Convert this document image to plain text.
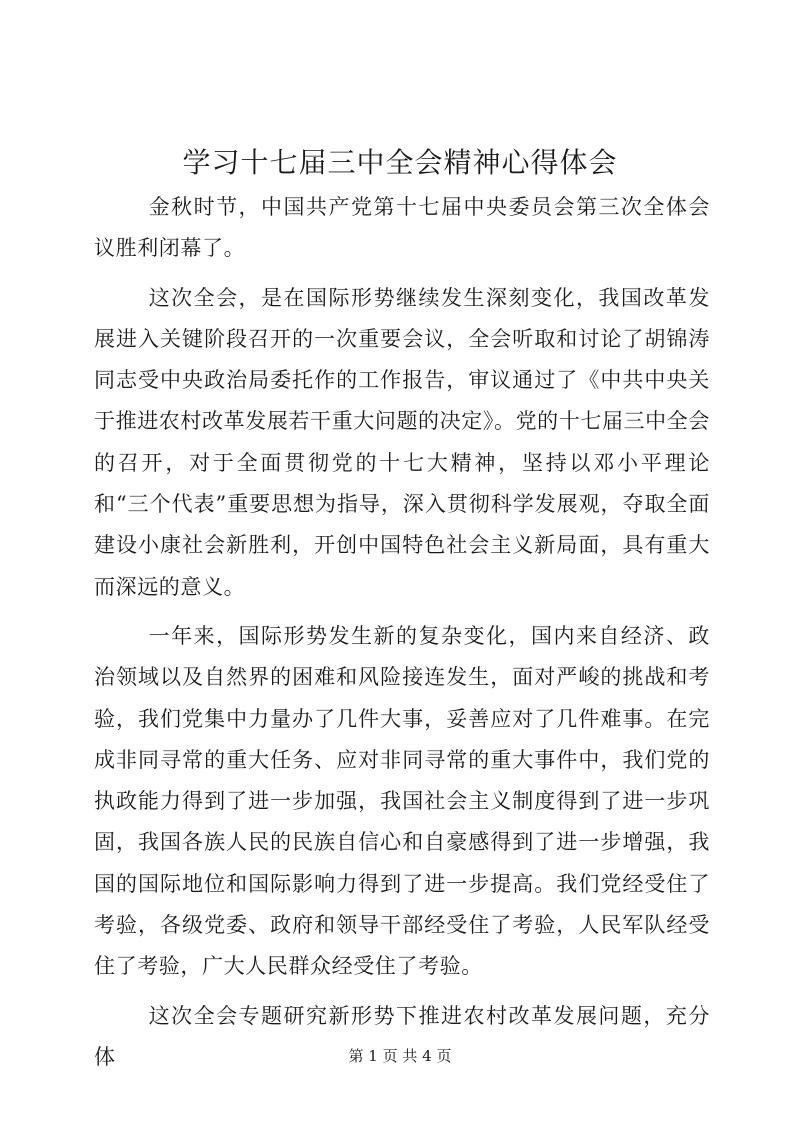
学习十七届三中全会精神心得体会

金秋时节，中国共产党第十七届中央委员会第三次全体会议胜利闭幕了。

这次全会，是在国际形势继续发生深刻变化，我国改革发展进入关键阶段召开的一次重要会议，全会听取和讨论了胡锦涛同志受中央政治局委托作的工作报告，审议通过了《中共中央关于推进农村改革发展若干重大问题的决定》。党的十七届三中全会的召开，对于全面贯彻党的十七大精神，坚持以邓小平理论和“三个代表”重要思想为指导，深入贯彻科学发展观，夺取全面建设小康社会新胜利，开创中国特色社会主义新局面，具有重大而深远的意义。

一年来，国际形势发生新的复杂变化，国内来自经济、政治领域以及自然界的困难和风险接连发生，面对严峻的挑战和考验，我们党集中力量办了几件大事，妥善应对了几件难事。在完成非同寻常的重大任务、应对非同寻常的重大事件中，我们党的执政能力得到了进一步加强，我国社会主义制度得到了进一步巩固，我国各族人民的民族自信心和自豪感得到了进一步增强，我国的国际地位和国际影响力得到了进一步提高。我们党经受住了考验，各级党委、政府和领导干部经受住了考验，人民军队经受住了考验，广大人民群众经受住了考验。

这次全会专题研究新形势下推进农村改革发展问题，充分体	第 1 页 共 4 页
